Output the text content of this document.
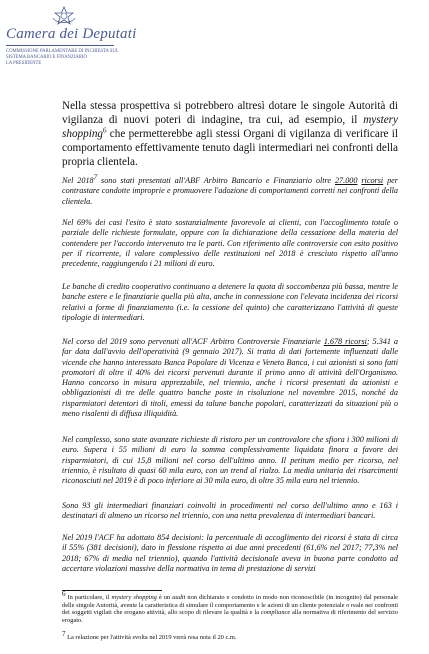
Camera dei Deputati
COMMISSIONE PARLAMENTARE DI INCHIESTA SUL
SISTEMA BANCARIO E FINANZIARIO
LA PRESIDENTE
Nella stessa prospettiva si potrebbero altresì dotare le singole Autorità di vigilanza di nuovi poteri di indagine, tra cui, ad esempio, il mystery shopping$^6$ che permetterebbe agli stessi Organi di vigilanza di verificare il comportamento effettivamente tenuto dagli intermediari nei confronti della propria clientela.
Nel 20187 sono stati presentati all'ABF Arbitro Bancario e Finanziario oltre 27.000 ricorsi per contrastare condotte improprie e promuovere l'adozione di comportamenti corretti nei confronti della clientela.
Nel 69% dei casi l'esito è stato sostanzialmente favorevole ai clienti, con l'accoglimento totale o parziale delle richieste formulate, oppure con la dichiarazione della cessazione della materia del contendere per l'accordo intervenuto tra le parti. Con riferimento alle controversie con esito positivo per il ricorrente, il valore complessivo delle restituzioni nel 2018 è cresciuto rispetto all'anno precedente, raggiungendo i 21 milioni di euro.
Le banche di credito cooperativo continuano a detenere la quota di soccombenza più bassa, mentre le banche estere e le finanziarie quella più alta, anche in connessione con l'elevata incidenza dei ricorsi relativi a forme di finanziamento (i.e. la cessione del quinto) che caratterizzano l'attività di queste tipologie di intermediari.
Nel corso del 2019 sono pervenuti all'ACF Arbitro Controversie Finanziarie 1.678 ricorsi; 5.341 a far data dall'avvio dell'operatività (9 gennaio 2017). Si tratta di dati fortemente influenzati dalle vicende che hanno interessato Banca Popolare di Vicenza e Veneto Banca, i cui azionisti si sono fatti promotori di oltre il 40% dei ricorsi pervenuti durante il primo anno di attività dell'Organismo. Hanno concorso in misura apprezzabile, nel triennio, anche i ricorsi presentati da azionisti e obbligazionisti di tre delle quattro banche poste in risoluzione nel novembre 2015, nonché da risparmiatori detentori di titoli, emessi da talune banche popolari, caratterizzati da situazioni più o meno risalenti di diffusa illiquidità.
Nel complesso, sono state avanzate richieste di ristoro per un controvalore che sfiora i 300 milioni di euro. Supera i 55 milioni di euro la somma complessivamente liquidata finora a favore dei risparmiatori, di cui 15,8 milioni nel corso dell'ultimo anno. Il petitum medio per ricorso, nel triennio, è risultato di quasi 60 mila euro, con un trend al rialzo. La media unitaria dei risarcimenti riconosciuti nel 2019 è di poco inferiore ai 30 mila euro, di oltre 35 mila euro nel triennio.
Sono 93 gli intermediari finanziari coinvolti in procedimenti nel corso dell'ultimo anno e 163 i destinatari di almeno un ricorso nel triennio, con una netta prevalenza di intermediari bancari.
Nel 2019 l'ACF ha adottato 854 decisioni: la percentuale di accoglimento dei ricorsi è stata di circa il 55% (381 decisioni), dato in flessione rispetto ai due anni precedenti (61,6% nel 2017; 77,3% nel 2018; 67% di media nel triennio), quando l'attività decisionale aveva in buona parte condotto ad accertare violazioni massive della normativa in tema di prestazione di servizi
6 In particolare, il mystery shopping è un audit non dichiarato e condotto in modo non riconoscibile (in incognito) dal personale delle singole Autorità, avente la caratteristica di simulare il comportamento e le azioni di un cliente potenziale o reale nei confronti dei soggetti vigilati che erogano attività, allo scopo di rilevare la qualità e la compliance alla normativa di riferimento del servizio erogato.
7 La relazione per l'attività svolta nel 2019 verrà resa nota il 20 c.m.
